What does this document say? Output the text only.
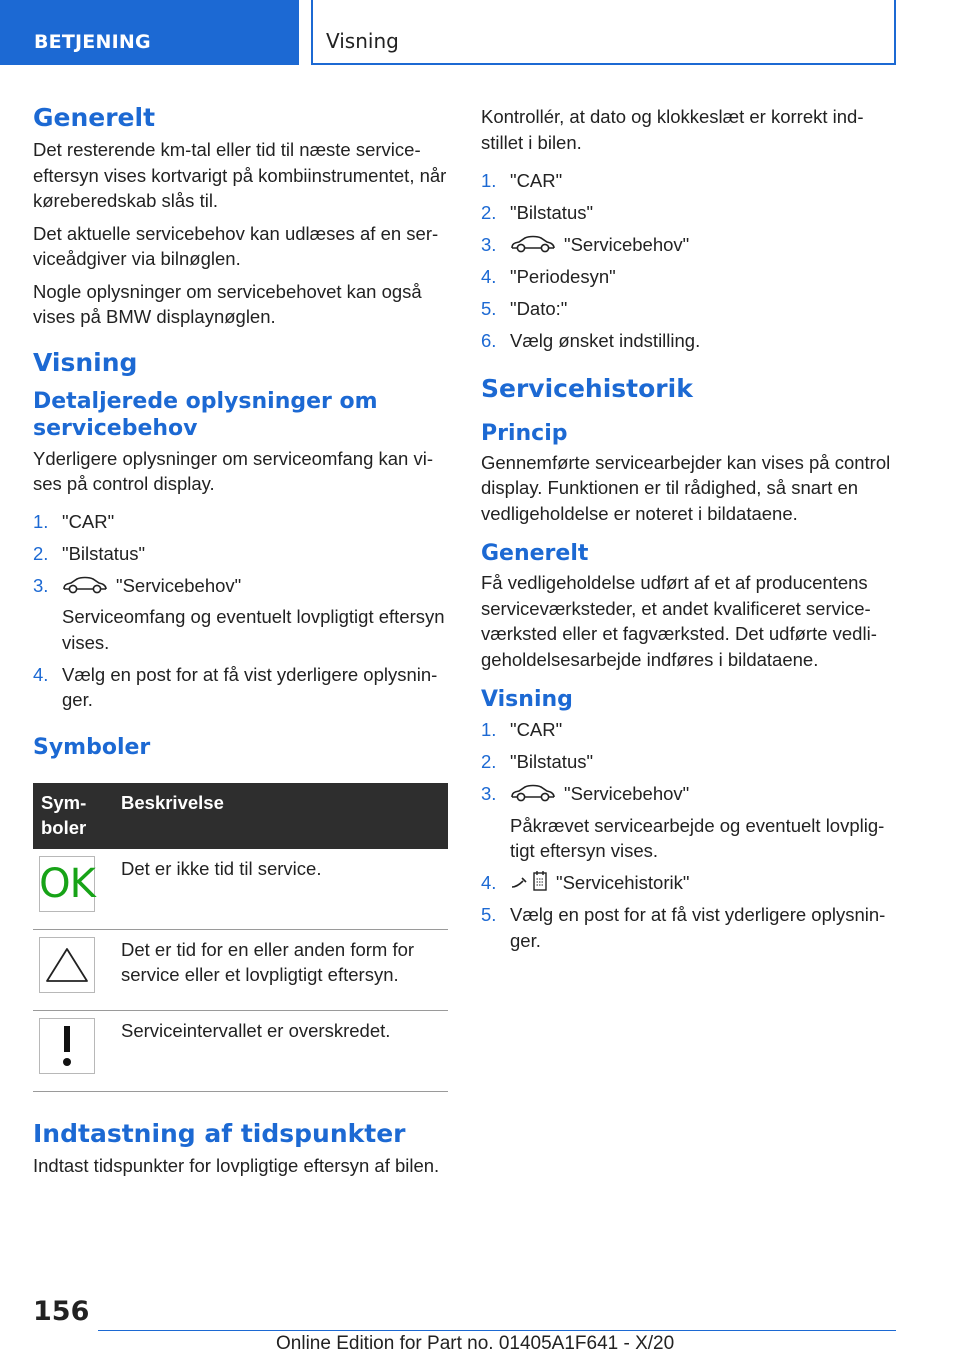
BETJENING	Visning
Generelt

Det resterende km-tal eller tid til næste serviceeftersyn vises kortvarigt på kombiinstrumentet, når køreberedskab slås til.

Det aktuelle servicebehov kan udlæses af en serviceådgiver via bilnøglen.

Nogle oplysninger om servicebehovet kan også vises på BMW displaynøglen.

Visning
Detaljerede oplysninger om servicebehov

Yderligere oplysninger om serviceomfang kan vises på control display.

1. "CAR"
2. "Bilstatus"
3.	"Servicebehov"
Serviceomfang og eventuelt lovpligtigt eftersyn vises.
4. Vælg en post for at få vist yderligere oplysninger.
Symboler
Symboler	Beskrivelse

OK	Det er ikke tid til service.

	Det er tid for en eller anden form for service eller et lovpligtigt eftersyn.

	Serviceintervallet er overskredet.
Indtastning af tidspunkter

Indtast tidspunkter for lovpligtige eftersyn af bilen.

Kontrollér, at dato og klokkeslæt er korrekt indstillet i bilen.

1. "CAR"
2. "Bilstatus"
3.	"Servicebehov"
4. "Periodesyn"
5. "Dato:"
6. Vælg ønsket indstilling.
Servicehistorik
Princip

Gennemførte servicearbejder kan vises på control display. Funktionen er til rådighed, så snart en vedligeholdelse er noteret i bildataene.

Generelt

Få vedligeholdelse udført af et af producentens serviceværksteder, et andet kvalificeret serviceværksted eller et fagværksted. Det udførte vedligeholdelsesarbejde indføres i bildataene.

Visning
1. "CAR"
2. "Bilstatus"
3.	"Servicebehov"
Påkrævet servicearbejde og eventuelt lovpligtigt eftersyn vises.
4.	"Servicehistorik"
5. Vælg en post for at få vist yderligere oplysninger.
156
Online Edition for Part no. 01405A1F641 - X/20
